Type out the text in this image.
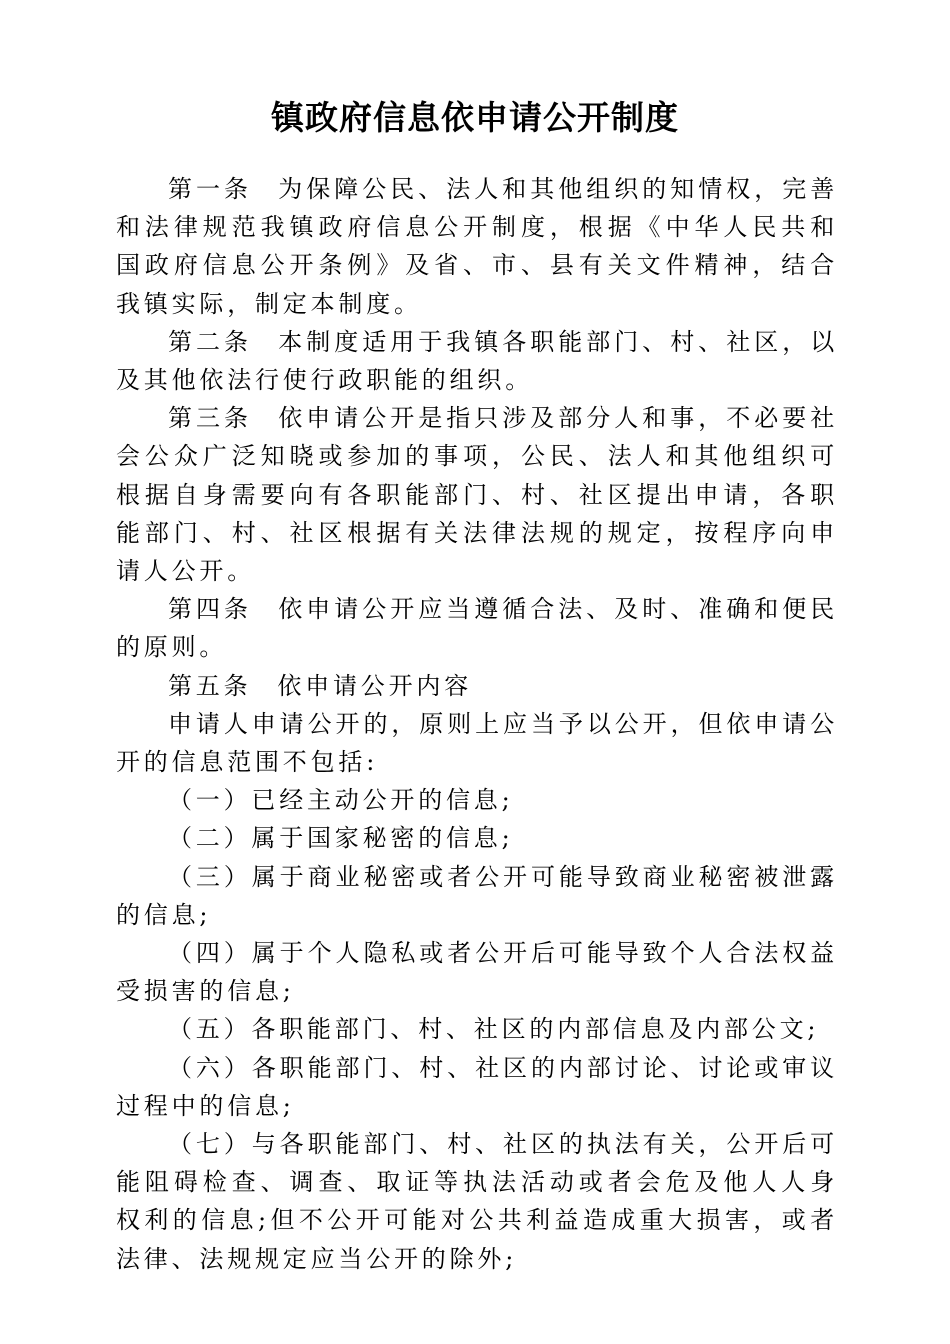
镇政府信息依申请公开制度

第一条 为保障公民、法人和其他组织的知情权，完善和法律规范我镇政府信息公开制度，根据《中华人民共和国政府信息公开条例》及省、市、县有关文件精神，结合我镇实际，制定本制度。

第二条 本制度适用于我镇各职能部门、村、社区，以及其他依法行使行政职能的组织。

第三条 依申请公开是指只涉及部分人和事，不必要社会公众广泛知晓或参加的事项，公民、法人和其他组织可根据自身需要向有各职能部门、村、社区提出申请，各职能部门、村、社区根据有关法律法规的规定，按程序向申请人公开。

第四条 依申请公开应当遵循合法、及时、准确和便民的原则。

第五条 依申请公开内容

申请人申请公开的，原则上应当予以公开，但依申请公开的信息范围不包括:

（一）已经主动公开的信息;

（二）属于国家秘密的信息;

（三）属于商业秘密或者公开可能导致商业秘密被泄露的信息;

（四）属于个人隐私或者公开后可能导致个人合法权益受损害的信息;

（五）各职能部门、村、社区的内部信息及内部公文;

（六）各职能部门、村、社区的内部讨论、讨论或审议过程中的信息;

（七）与各职能部门、村、社区的执法有关，公开后可能阻碍检查、调查、取证等执法活动或者会危及他人人身权利的信息;但不公开可能对公共利益造成重大损害，或者法律、法规规定应当公开的除外;
